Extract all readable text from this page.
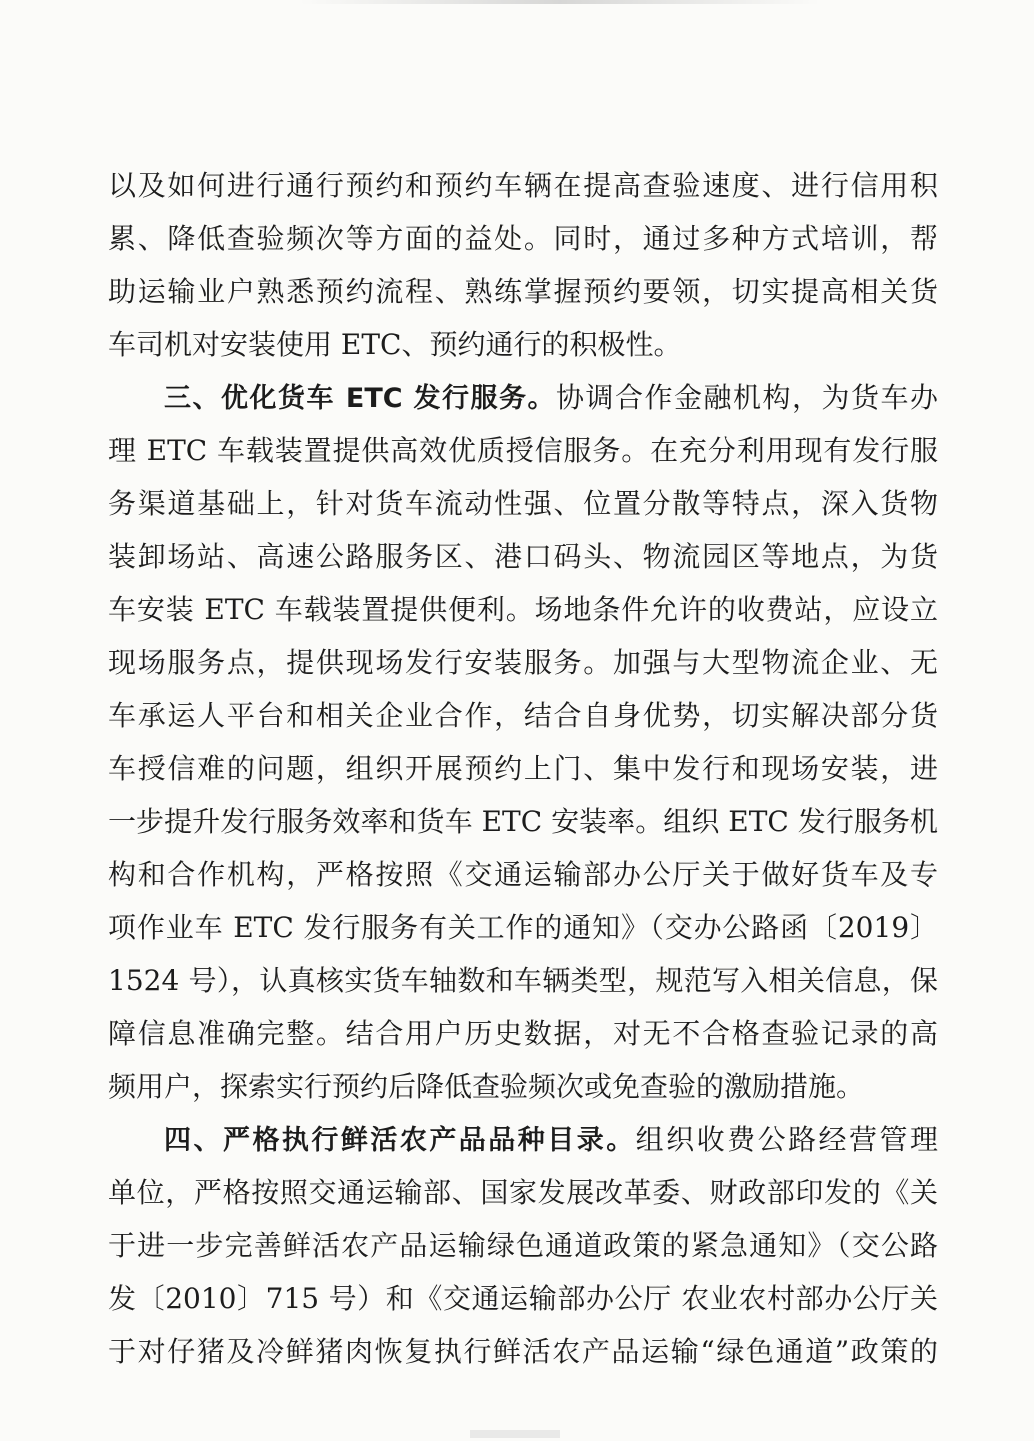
以及如何进行通行预约和预约车辆在提高查验速度、进行信用积
累、降低查验频次等方面的益处。同时，通过多种方式培训，帮
助运输业户熟悉预约流程、熟练掌握预约要领，切实提高相关货
车司机对安装使用 ETC、预约通行的积极性。
三、优化货车 ETC 发行服务。协调合作金融机构，为货车办
理 ETC 车载装置提供高效优质授信服务。在充分利用现有发行服
务渠道基础上，针对货车流动性强、位置分散等特点，深入货物
装卸场站、高速公路服务区、港口码头、物流园区等地点，为货
车安装 ETC 车载装置提供便利。场地条件允许的收费站，应设立
现场服务点，提供现场发行安装服务。加强与大型物流企业、无
车承运人平台和相关企业合作，结合自身优势，切实解决部分货
车授信难的问题，组织开展预约上门、集中发行和现场安装，进
一步提升发行服务效率和货车 ETC 安装率。组织 ETC 发行服务机
构和合作机构，严格按照《交通运输部办公厅关于做好货车及专
项作业车 ETC 发行服务有关工作的通知》（交办公路函〔2019〕
1524 号），认真核实货车轴数和车辆类型，规范写入相关信息，保
障信息准确完整。结合用户历史数据，对无不合格查验记录的高
频用户，探索实行预约后降低查验频次或免查验的激励措施。
四、严格执行鲜活农产品品种目录。组织收费公路经营管理
单位，严格按照交通运输部、国家发展改革委、财政部印发的《关
于进一步完善鲜活农产品运输绿色通道政策的紧急通知》（交公路
发〔2010〕715 号）和《交通运输部办公厅 农业农村部办公厅关
于对仔猪及冷鲜猪肉恢复执行鲜活农产品运输“绿色通道”政策的
